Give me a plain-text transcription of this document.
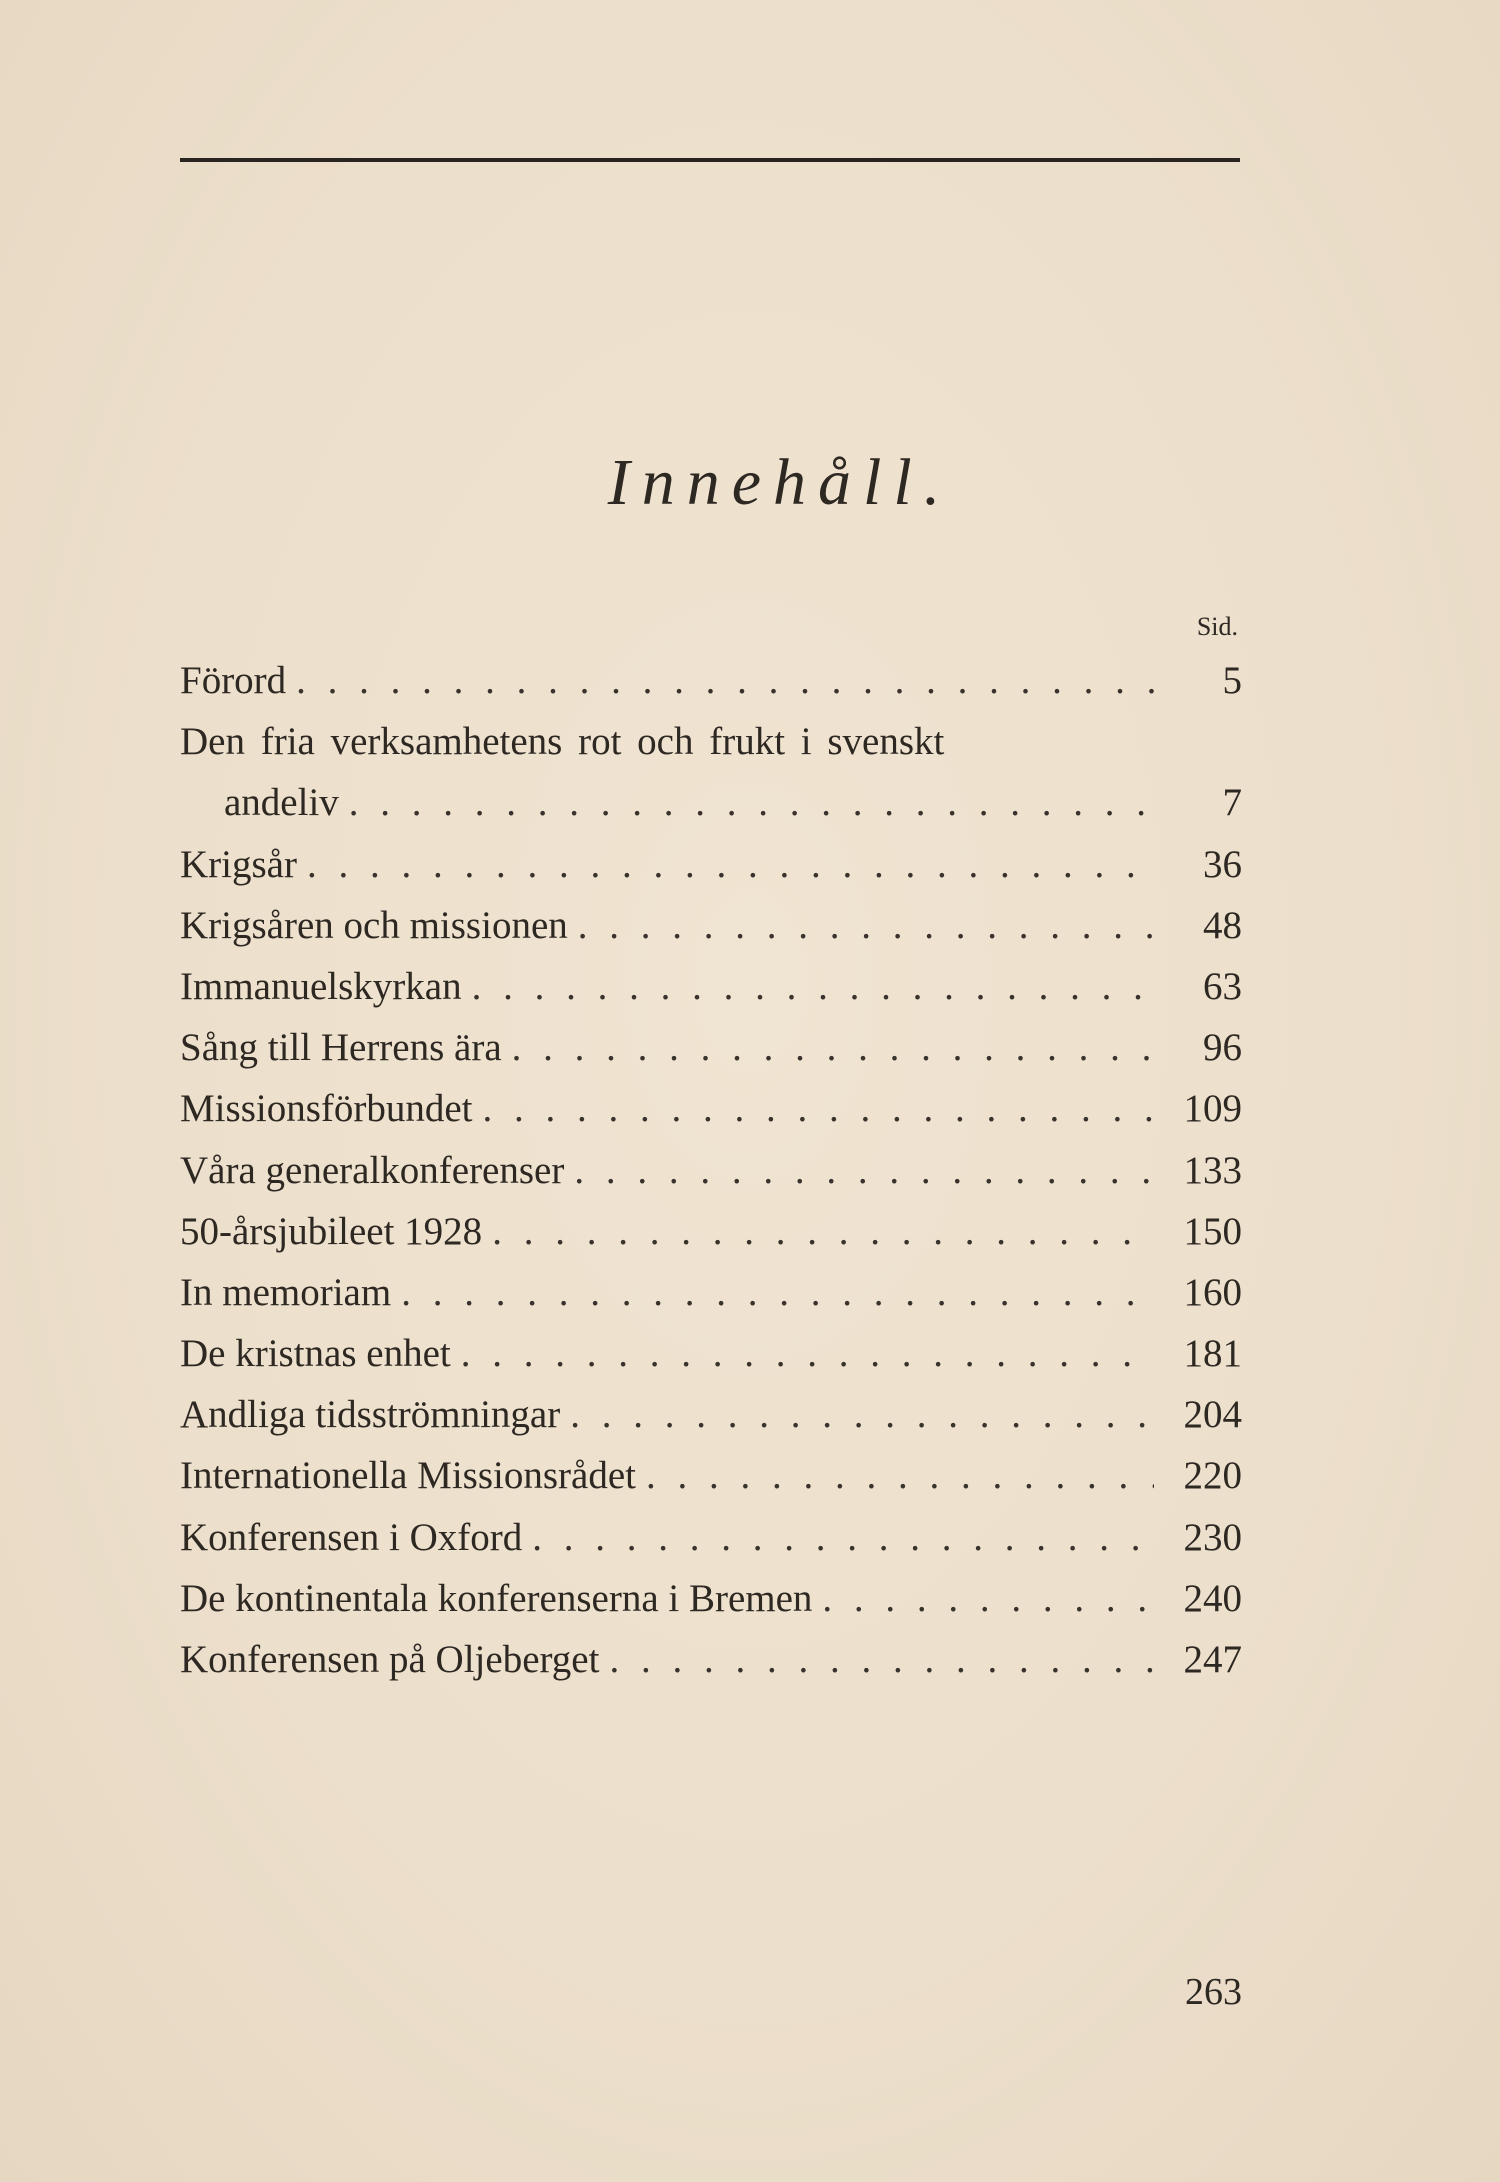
Innehåll.
Sid.
Förord . . .	5
Den fria verksamhetens rot och frukt i svenskt
andeliv . . .	7
Krigsår . . .	36
Krigsåren och missionen . . .	48
Immanuelskyrkan . . .	63
Sång till Herrens ära . . .	96
Missionsförbundet . . .	109
Våra generalkonferenser . . .	133
50-årsjubileet 1928 . . .	150
In memoriam . . .	160
De kristnas enhet . . .	181
Andliga tidsströmningar . . .	204
Internationella Missionsrådet . . .	220
Konferensen i Oxford . . .	230
De kontinentala konferenserna i Bremen . . .	240
Konferensen på Oljeberget . . .	247
263
